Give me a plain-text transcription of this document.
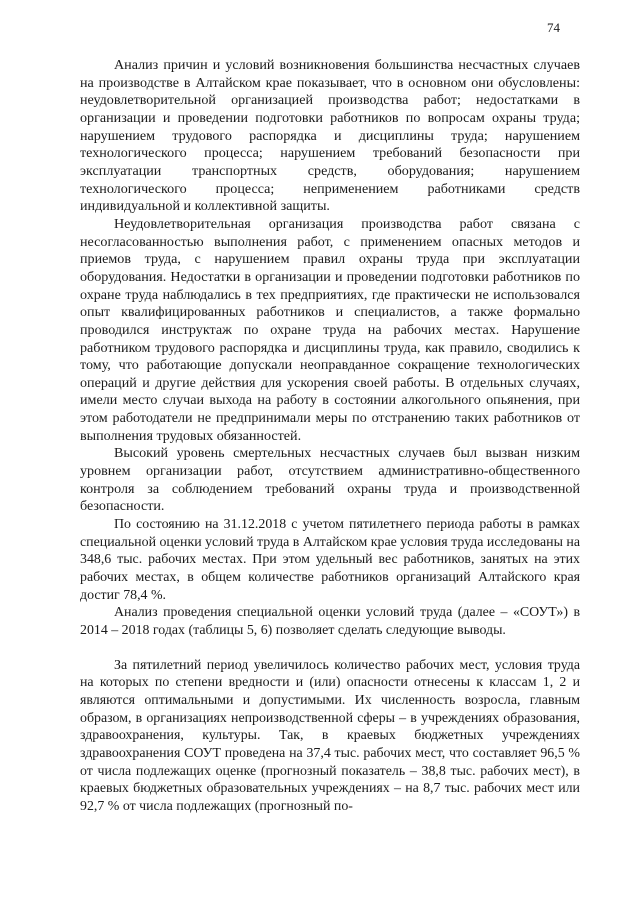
74

Анализ причин и условий возникновения большинства несчастных случаев на производстве в Алтайском крае показывает, что в основном они обусловлены: неудовлетворительной организацией производства работ; недостатками в организации и проведении подготовки работников по вопросам охраны труда; нарушением трудового распорядка и дисциплины труда; нарушением технологического процесса; нарушением требований безопасности при эксплуатации транспортных средств, оборудования; нарушением технологического процесса; неприменением работниками средств индивидуальной и коллективной защиты.

Неудовлетворительная организация производства работ связана с несогласованностью выполнения работ, с применением опасных методов и приемов труда, с нарушением правил охраны труда при эксплуатации оборудования. Недостатки в организации и проведении подготовки работников по охране труда наблюдались в тех предприятиях, где практически не использовался опыт квалифицированных работников и специалистов, а также формально проводился инструктаж по охране труда на рабочих местах. Нарушение работником трудового распорядка и дисциплины труда, как правило, сводились к тому, что работающие допускали неоправданное сокращение технологических операций и другие действия для ускорения своей работы. В отдельных случаях, имели место случаи выхода на работу в состоянии алкогольного опьянения, при этом работодатели не предпринимали меры по отстранению таких работников от выполнения трудовых обязанностей.

Высокий уровень смертельных несчастных случаев был вызван низким уровнем организации работ, отсутствием административно-общественного контроля за соблюдением требований охраны труда и производственной безопасности.

По состоянию на 31.12.2018 с учетом пятилетнего периода работы в рамках специальной оценки условий труда в Алтайском крае условия труда исследованы на 348,6 тыс. рабочих местах. При этом удельный вес работников, занятых на этих рабочих местах, в общем количестве работников организаций Алтайского края достиг 78,4 %.

Анализ проведения специальной оценки условий труда (далее – «СОУТ») в 2014 – 2018 годах (таблицы 5, 6) позволяет сделать следующие выводы.

За пятилетний период увеличилось количество рабочих мест, условия труда на которых по степени вредности и (или) опасности отнесены к классам 1, 2 и являются оптимальными и допустимыми. Их численность возросла, главным образом, в организациях непроизводственной сферы – в учреждениях образования, здравоохранения, культуры. Так, в краевых бюджетных учреждениях здравоохранения СОУТ проведена на 37,4 тыс. рабочих мест, что составляет 96,5 % от числа подлежащих оценке (прогнозный показатель – 38,8 тыс. рабочих мест), в краевых бюджетных образовательных учреждениях – на 8,7 тыс. рабочих мест или 92,7 % от числа подлежащих (прогнозный по-
